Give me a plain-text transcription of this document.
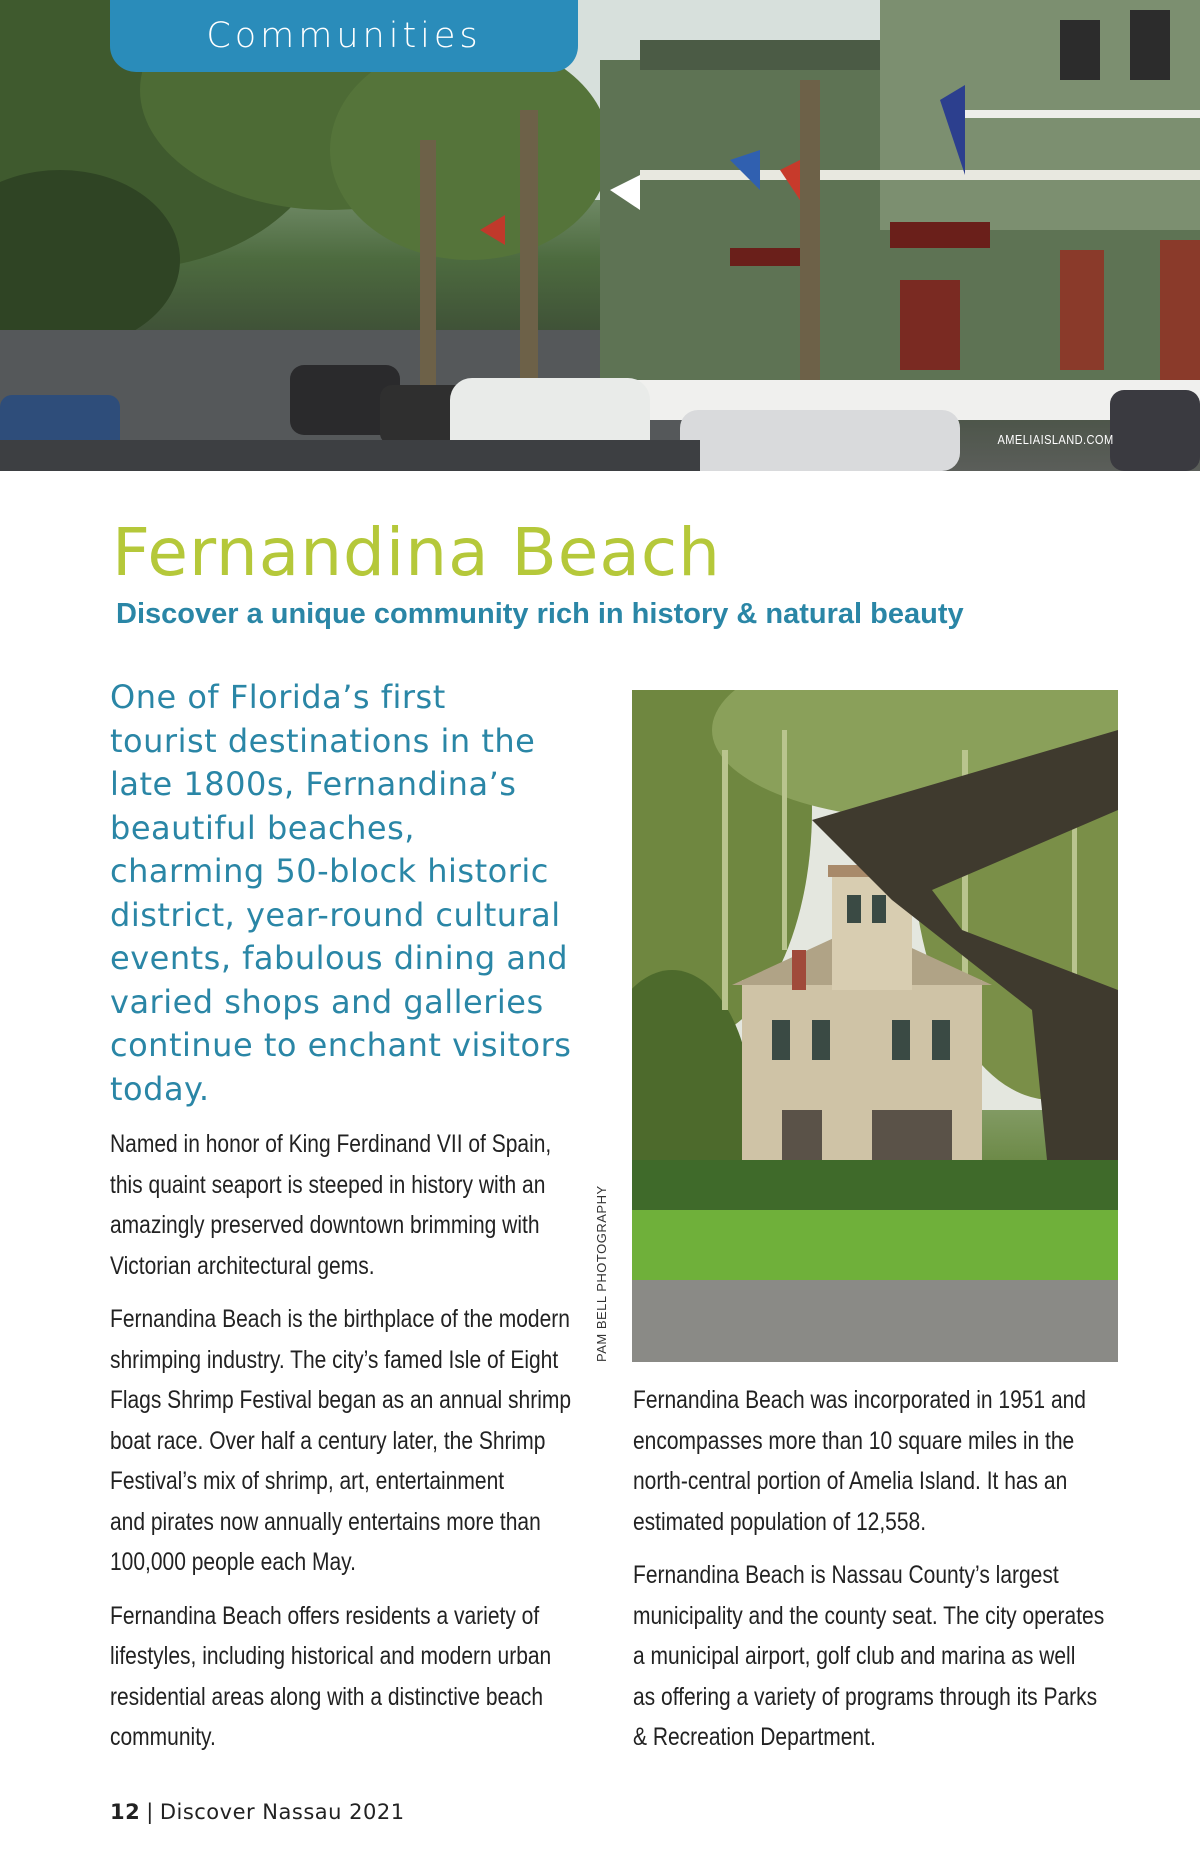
Communities
AMELIAISLAND.COM
Fernandina Beach
Discover a unique community rich in history & natural beauty

One of Florida’s first
tourist destinations in the
late 1800s, Fernandina’s
beautiful beaches,
charming 50-block historic
district, year-round cultural
events, fabulous dining and
varied shops and galleries
continue to enchant visitors
today.

Named in honor of King Ferdinand VII of Spain,
this quaint seaport is steeped in history with an
amazingly preserved downtown brimming with
Victorian architectural gems.

Fernandina Beach is the birthplace of the modern
shrimping industry. The city’s famed Isle of Eight
Flags Shrimp Festival began as an annual shrimp
boat race. Over half a century later, the Shrimp
Festival’s mix of shrimp, art, entertainment
and pirates now annually entertains more than
100,000 people each May.

Fernandina Beach offers residents a variety of
lifestyles, including historical and modern urban
residential areas along with a distinctive beach
community.

PAM BELL PHOTOGRAPHY

Fernandina Beach was incorporated in 1951 and
encompasses more than 10 square miles in the
north-central portion of Amelia Island. It has an
estimated population of 12,558.

Fernandina Beach is Nassau County’s largest
municipality and the county seat. The city operates
a municipal airport, golf club and marina as well
as offering a variety of programs through its Parks
& Recreation Department.

12 | Discover Nassau 2021
